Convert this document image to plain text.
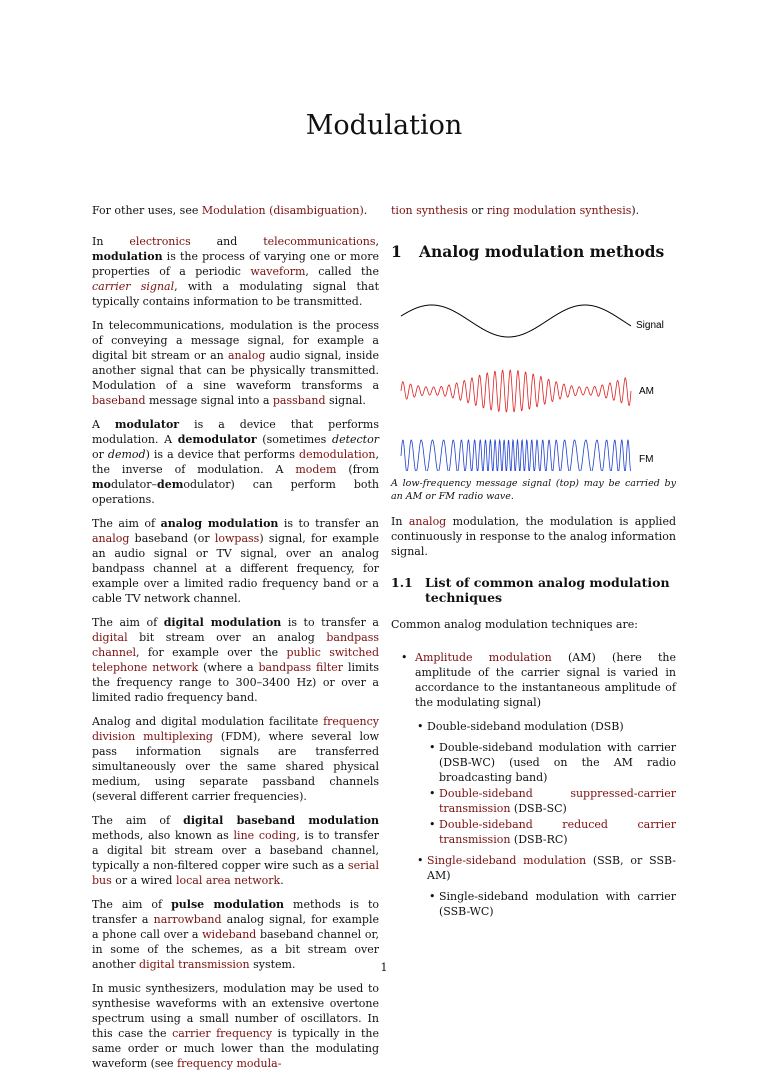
Modulation

For other uses, see Modulation (disambiguation).

In electronics and telecommunications, modulation is the process of varying one or more properties of a periodic waveform, called the carrier signal, with a modulating signal that typically contains information to be transmitted.

In telecommunications, modulation is the process of conveying a message signal, for example a digital bit stream or an analog audio signal, inside another signal that can be physically transmitted. Modulation of a sine waveform transforms a baseband message signal into a passband signal.

A modulator is a device that performs modulation. A demodulator (sometimes detector or demod) is a device that performs demodulation, the inverse of modulation. A modem (from modulator–demodulator) can perform both operations.

The aim of analog modulation is to transfer an analog baseband (or lowpass) signal, for example an audio signal or TV signal, over an analog bandpass channel at a different frequency, for example over a limited radio frequency band or a cable TV network channel.

The aim of digital modulation is to transfer a digital bit stream over an analog bandpass channel, for example over the public switched telephone network (where a bandpass filter limits the frequency range to 300–3400 Hz) or over a limited radio frequency band.

Analog and digital modulation facilitate frequency division multiplexing (FDM), where several low pass information signals are transferred simultaneously over the same shared physical medium, using separate passband channels (several different carrier frequencies).

The aim of digital baseband modulation methods, also known as line coding, is to transfer a digital bit stream over a baseband channel, typically a non-filtered copper wire such as a serial bus or a wired local area network.

The aim of pulse modulation methods is to transfer a narrowband analog signal, for example a phone call over a wideband baseband channel or, in some of the schemes, as a bit stream over another digital transmission system.

In music synthesizers, modulation may be used to synthesise waveforms with an extensive overtone spectrum using a small number of oscillators. In this case the carrier frequency is typically in the same order or much lower than the modulating waveform (see frequency modula-

tion synthesis or ring modulation synthesis).

1 Analog modulation methods
Signal
AM
FM
A low-frequency message signal (top) may be carried by an AM or FM radio wave.

In analog modulation, the modulation is applied continuously in response to the analog information signal.

1.1 List of common analog modulation techniques

Common analog modulation techniques are:

• Amplitude modulation (AM) (here the amplitude of the carrier signal is varied in accordance to the instantaneous amplitude of the modulating signal)
• Double-sideband modulation (DSB)
• Double-sideband modulation with carrier (DSB-WC) (used on the AM radio broadcasting band)
• Double-sideband suppressed-carrier transmission (DSB-SC)
• Double-sideband reduced carrier transmission (DSB-RC)
• Single-sideband modulation (SSB, or SSB-AM)
• Single-sideband modulation with carrier (SSB-WC)
1
